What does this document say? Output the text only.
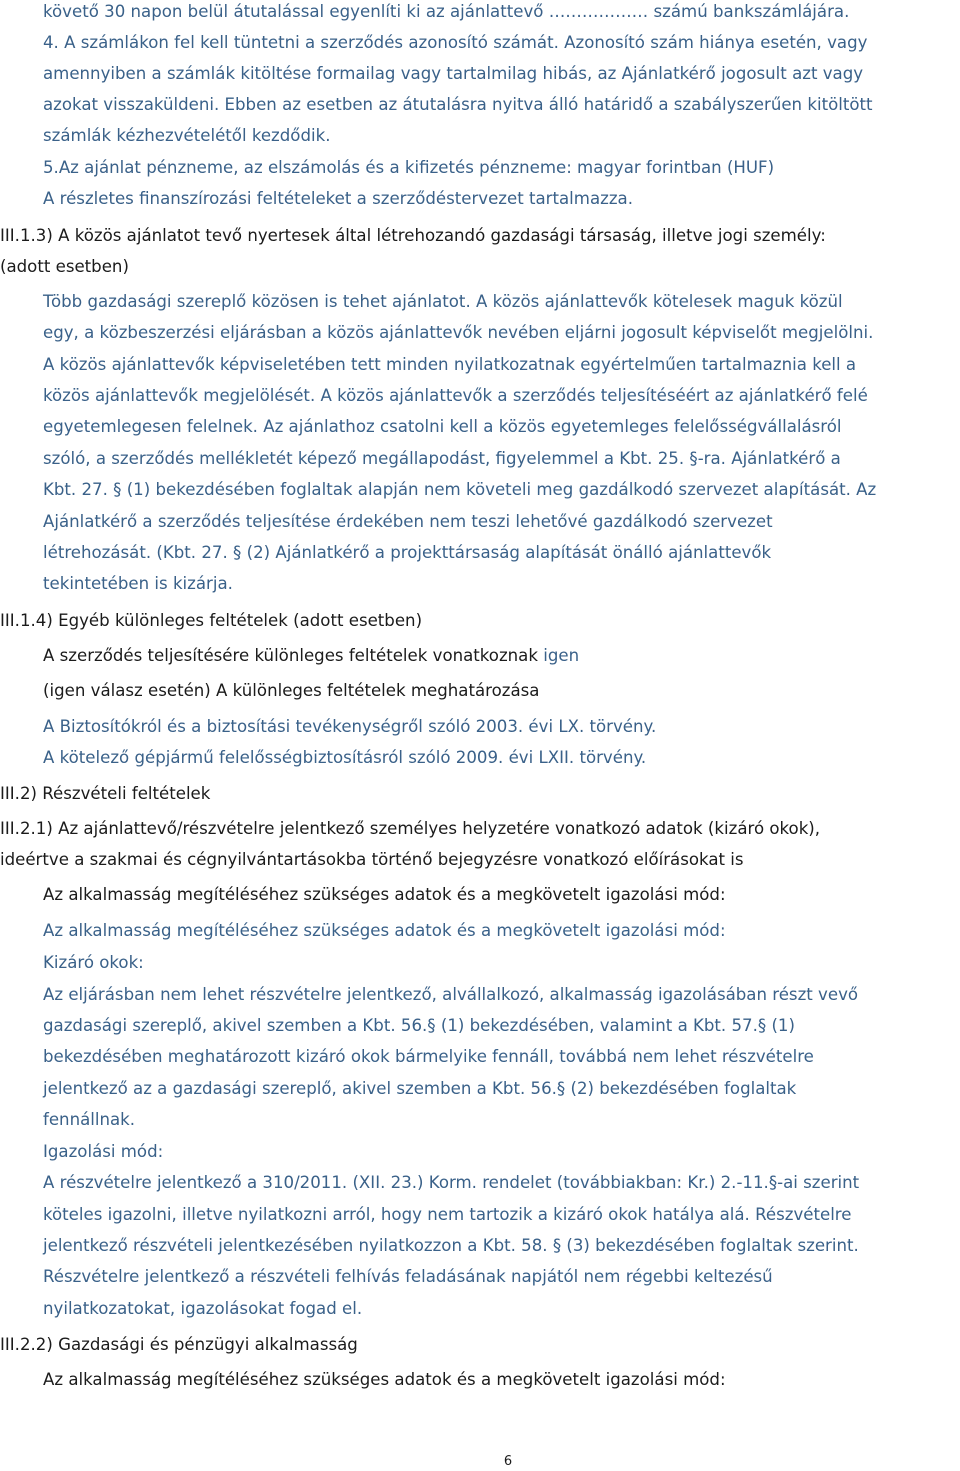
követő 30 napon belül átutalással egyenlíti ki az ajánlattevő ……………… számú bankszámlájára.
4. A számlákon fel kell tüntetni a szerződés azonosító számát. Azonosító szám hiánya esetén, vagy
amennyiben a számlák kitöltése formailag vagy tartalmilag hibás, az Ajánlatkérő jogosult azt vagy
azokat visszaküldeni. Ebben az esetben az átutalásra nyitva álló határidő a szabályszerűen kitöltött
számlák kézhezvételétől kezdődik.
5.Az ajánlat pénzneme, az elszámolás és a kifizetés pénzneme: magyar forintban (HUF)
A részletes finanszírozási feltételeket a szerződéstervezet tartalmazza.
III.1.3) A közös ajánlatot tevő nyertesek által létrehozandó gazdasági társaság, illetve jogi személy:
(adott esetben)
Több gazdasági szereplő közösen is tehet ajánlatot. A közös ajánlattevők kötelesek maguk közül
egy, a közbeszerzési eljárásban a közös ajánlattevők nevében eljárni jogosult képviselőt megjelölni.
A közös ajánlattevők képviseletében tett minden nyilatkozatnak egyértelműen tartalmaznia kell a
közös ajánlattevők megjelölését. A közös ajánlattevők a szerződés teljesítéséért az ajánlatkérő felé
egyetemlegesen felelnek. Az ajánlathoz csatolni kell a közös egyetemleges felelősségvállalásról
szóló, a szerződés mellékletét képező megállapodást, figyelemmel a Kbt. 25. §-ra. Ajánlatkérő a
Kbt. 27. § (1) bekezdésében foglaltak alapján nem követeli meg gazdálkodó szervezet alapítását. Az
Ajánlatkérő a szerződés teljesítése érdekében nem teszi lehetővé gazdálkodó szervezet
létrehozását. (Kbt. 27. § (2) Ajánlatkérő a projekttársaság alapítását önálló ajánlattevők
tekintetében is kizárja.
III.1.4) Egyéb különleges feltételek (adott esetben)
A szerződés teljesítésére különleges feltételek vonatkoznak igen
(igen válasz esetén) A különleges feltételek meghatározása
A Biztosítókról és a biztosítási tevékenységről szóló 2003. évi LX. törvény.
A kötelező gépjármű felelősségbiztosításról szóló 2009. évi LXII. törvény.
III.2) Részvételi feltételek
III.2.1) Az ajánlattevő/részvételre jelentkező személyes helyzetére vonatkozó adatok (kizáró okok),
ideértve a szakmai és cégnyilvántartásokba történő bejegyzésre vonatkozó előírásokat is
Az alkalmasság megítéléséhez szükséges adatok és a megkövetelt igazolási mód:
Az alkalmasság megítéléséhez szükséges adatok és a megkövetelt igazolási mód:
Kizáró okok:
Az eljárásban nem lehet részvételre jelentkező, alvállalkozó, alkalmasság igazolásában részt vevő
gazdasági szereplő, akivel szemben a Kbt. 56.§ (1) bekezdésében, valamint a Kbt. 57.§ (1)
bekezdésében meghatározott kizáró okok bármelyike fennáll, továbbá nem lehet részvételre
jelentkező az a gazdasági szereplő, akivel szemben a Kbt. 56.§ (2) bekezdésében foglaltak
fennállnak.
Igazolási mód:
A részvételre jelentkező a 310/2011. (XII. 23.) Korm. rendelet (továbbiakban: Kr.) 2.-11.§-ai szerint
köteles igazolni, illetve nyilatkozni arról, hogy nem tartozik a kizáró okok hatálya alá. Részvételre
jelentkező részvételi jelentkezésében nyilatkozzon a Kbt. 58. § (3) bekezdésében foglaltak szerint.
Részvételre jelentkező a részvételi felhívás feladásának napjától nem régebbi keltezésű
nyilatkozatokat, igazolásokat fogad el.
III.2.2) Gazdasági és pénzügyi alkalmasság
Az alkalmasság megítéléséhez szükséges adatok és a megkövetelt igazolási mód:
6
